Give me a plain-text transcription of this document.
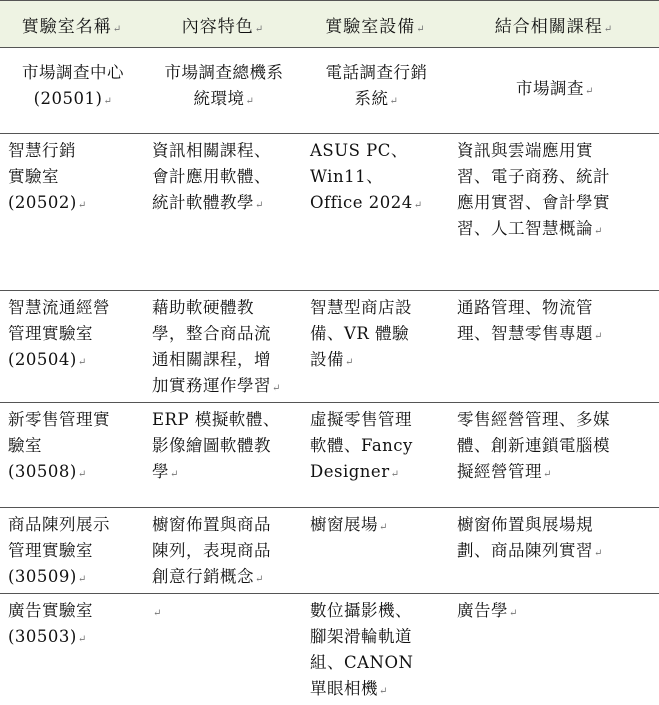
實驗室名稱↵	內容特色↵	實驗室設備↵	結合相關課程↵

市場調查中心
(20501)↵	市場調查總機系
統環境↵	電話調查行銷
系統↵	市場調查↵

智慧行銷
實驗室
(20502)↵	資訊相關課程、
會計應用軟體、
統計軟體教學↵	ASUS PC、
Win11、
Office 2024↵	資訊與雲端應用實
習、電子商務、統計
應用實習、會計學實
習、人工智慧概論↵

智慧流通經營
管理實驗室
(20504)↵	藉助軟硬體教
學，整合商品流
通相關課程，增
加實務運作學習↵	智慧型商店設
備、VR 體驗
設備↵	通路管理、物流管
理、智慧零售專題↵

新零售管理實
驗室
(30508)↵	ERP 模擬軟體、
影像繪圖軟體教
學↵	虛擬零售管理
軟體、Fancy
Designer↵	零售經營管理、多媒
體、創新連鎖電腦模
擬經營管理↵

商品陳列展示
管理實驗室
(30509)↵	櫥窗佈置與商品
陳列，表現商品
創意行銷概念↵	櫥窗展場↵	櫥窗佈置與展場規
劃、商品陳列實習↵

廣告實驗室
(30503)↵	↵	數位攝影機、
腳架滑輪軌道
組、CANON
單眼相機↵	廣告學↵
